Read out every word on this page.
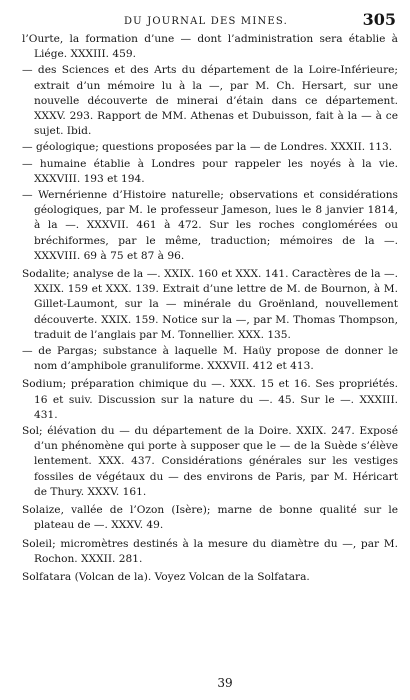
DU JOURNAL DES MINES.	305

l’Ourte, la formation d’une — dont l’administration sera établie à Liége. XXXIII. 459.

— des Sciences et des Arts du département de la Loire-Inférieure; extrait d’un mémoire lu à la —, par M. Ch. Hersart, sur une nouvelle découverte de minerai d’étain dans ce département. XXXV. 293. Rapport de MM. Athenas et Dubuisson, fait à la — à ce sujet. Ibid.

— géologique; questions proposées par la — de Londres. XXXII. 113.

— humaine établie à Londres pour rappeler les noyés à la vie. XXXVIII. 193 et 194.

— Wernérienne d’Histoire naturelle; observations et considérations géologiques, par M. le professeur Jameson, lues le 8 janvier 1814, à la —. XXXVII. 461 à 472. Sur les roches conglomérées ou bréchiformes, par le même, traduction; mémoires de la —. XXXVIII. 69 à 75 et 87 à 96.

Sodalite; analyse de la —. XXIX. 160 et XXX. 141. Caractères de la —. XXIX. 159 et XXX. 139. Extrait d’une lettre de M. de Bournon, à M. Gillet-Laumont, sur la — minérale du Groënland, nouvellement découverte. XXIX. 159. Notice sur la —, par M. Thomas Thompson, traduit de l’anglais par M. Tonnellier. XXX. 135.

— de Pargas; substance à laquelle M. Haüy propose de donner le nom d’amphibole granuliforme. XXXVII. 412 et 413.

Sodium; préparation chimique du —. XXX. 15 et 16. Ses propriétés. 16 et suiv. Discussion sur la nature du —. 45. Sur le —. XXXIII. 431.

Sol; élévation du — du département de la Doire. XXIX. 247. Exposé d’un phénomène qui porte à supposer que le — de la Suède s’élève lentement. XXX. 437. Considérations générales sur les vestiges fossiles de végétaux du — des environs de Paris, par M. Héricart de Thury. XXXV. 161.

Solaize, vallée de l’Ozon (Isère); marne de bonne qualité sur le plateau de —. XXXV. 49.

Soleil; micromètres destinés à la mesure du diamètre du —, par M. Rochon. XXXII. 281.

Solfatara (Volcan de la). Voyez Volcan de la Solfatara.

39
